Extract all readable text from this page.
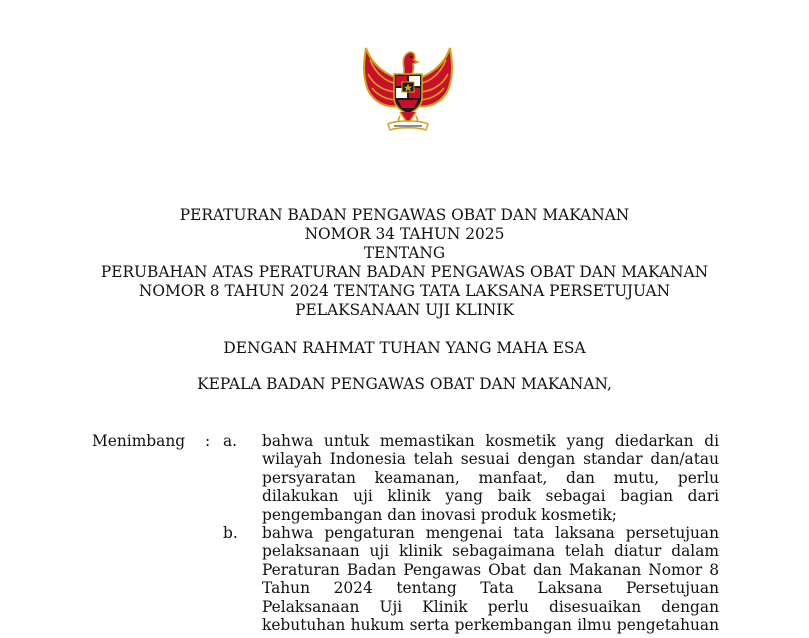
PERATURAN BADAN PENGAWAS OBAT DAN MAKANAN
NOMOR 34 TAHUN 2025
TENTANG
PERUBAHAN ATAS PERATURAN BADAN PENGAWAS OBAT DAN MAKANAN
NOMOR 8 TAHUN 2024 TENTANG TATA LAKSANA PERSETUJUAN
PELAKSANAAN UJI KLINIK
DENGAN RAHMAT TUHAN YANG MAHA ESA
KEPALA BADAN PENGAWAS OBAT DAN MAKANAN,
Menimbang : a. bahwa untuk memastikan kosmetik yang diedarkan di
wilayah Indonesia telah sesuai dengan standar dan/atau
persyaratan keamanan, manfaat, dan mutu, perlu
dilakukan uji klinik yang baik sebagai bagian dari
pengembangan dan inovasi produk kosmetik;
b. bahwa pengaturan mengenai tata laksana persetujuan
pelaksanaan uji klinik sebagaimana telah diatur dalam
Peraturan Badan Pengawas Obat dan Makanan Nomor 8
Tahun 2024 tentang Tata Laksana Persetujuan
Pelaksanaan Uji Klinik perlu disesuaikan dengan
kebutuhan hukum serta perkembangan ilmu pengetahuan
